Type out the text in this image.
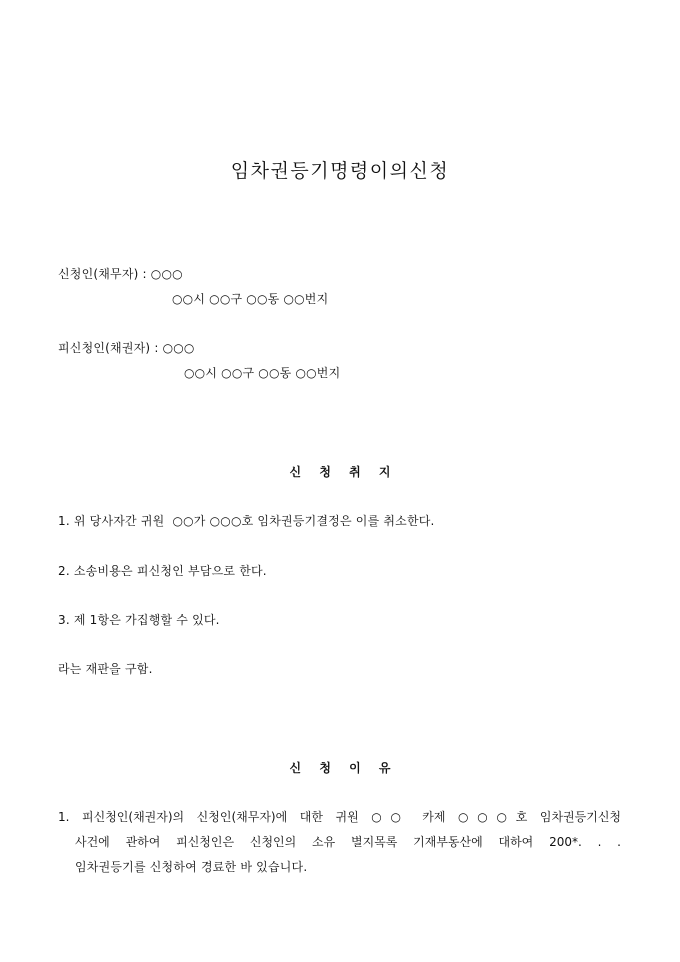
임차권등기명령이의신청
신청인(채무자) : ○○○
○○시 ○○구 ○○동 ○○번지
피신청인(채권자) : ○○○
○○시 ○○구 ○○동 ○○번지
신 청 취 지
1. 위 당사자간 귀원  ○○가 ○○○호 임차권등기결정은 이를 취소한다.
2. 소송비용은 피신청인 부담으로 한다.
3. 제 1항은 가집행할 수 있다.
라는 재판을 구함.
신 청 이 유
1. 피신청인(채권자)의 신청인(채무자)에 대한 귀원 ○○ 카제 ○○○호 임차권등기신청
사건에 관하여 피신청인은 신청인의 소유 별지목록 기재부동산에 대하여 200*. . .
임차권등기를 신청하여 경료한 바 있습니다.
